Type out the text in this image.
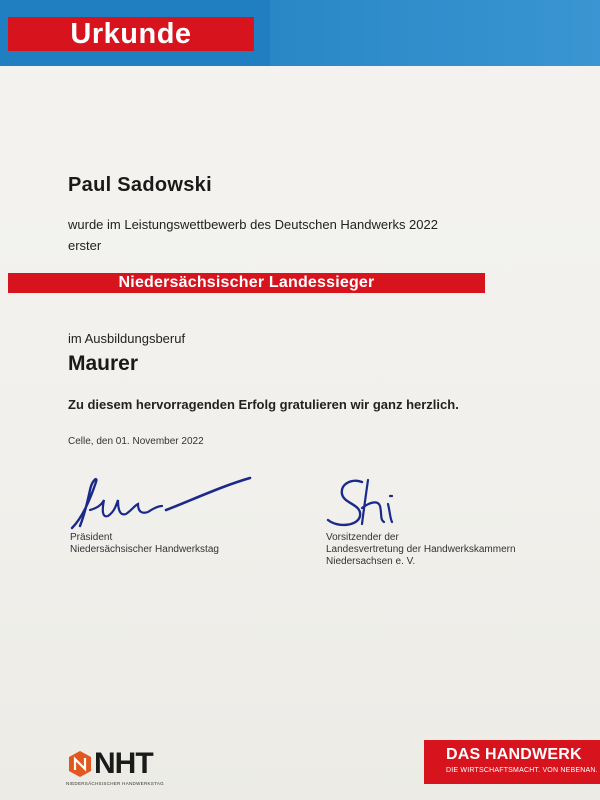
Urkunde
Paul Sadowski
wurde im Leistungswettbewerb des Deutschen Handwerks 2022
erster
Niedersächsischer Landessieger
im Ausbildungsberuf
Maurer
Zu diesem hervorragenden Erfolg gratulieren wir ganz herzlich.
Celle, den 01. November 2022
Präsident
Niedersächsischer Handwerkstag
Vorsitzender der
Landesvertretung der Handwerkskammern
Niedersachsen e. V.
NHT
NIEDERSÄCHSISCHER HANDWERKSTAG
DAS HANDWERK
DIE WIRTSCHAFTSMACHT. VON NEBENAN.
